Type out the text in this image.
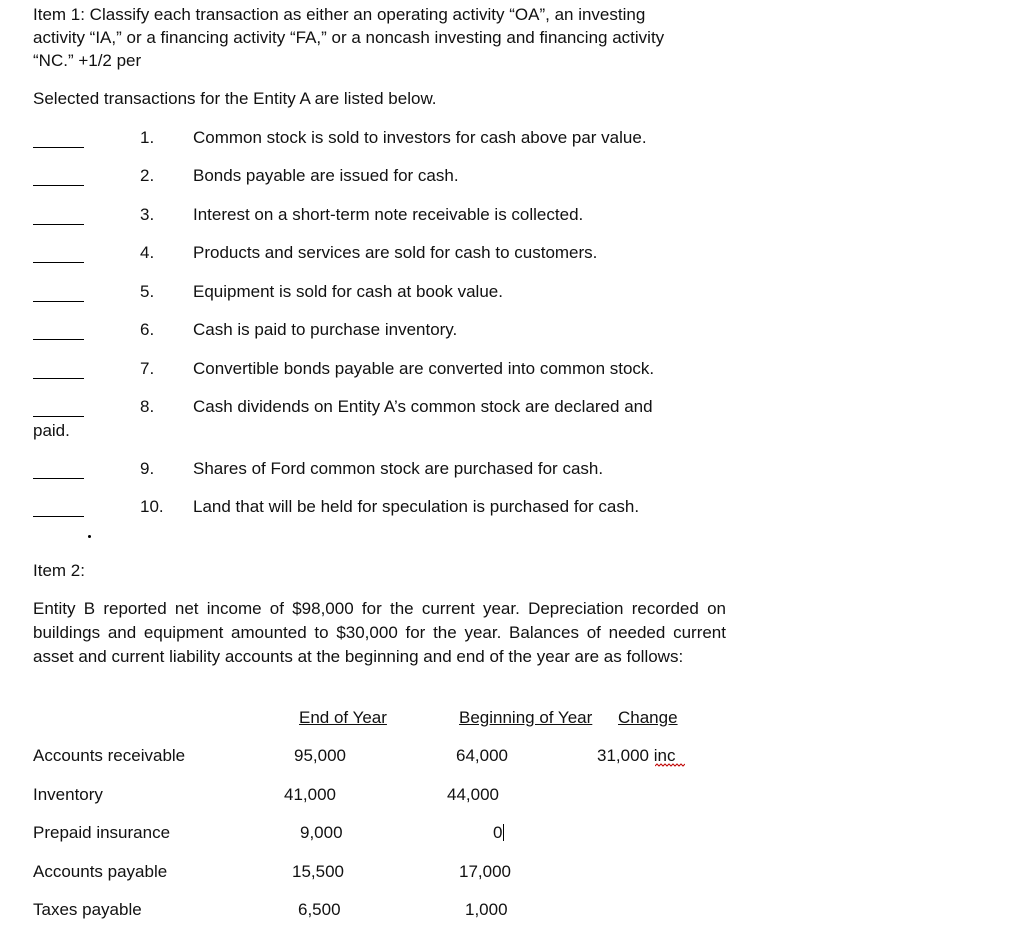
Item 1: Classify each transaction as either an operating activity “OA”, an investing
activity “IA,” or a financing activity “FA,” or a noncash investing and financing activity
“NC.” +1/2 per
Selected transactions for the Entity A are listed below.
1. Common stock is sold to investors for cash above par value.
2. Bonds payable are issued for cash.
3. Interest on a short-term note receivable is collected.
4. Products and services are sold for cash to customers.
5. Equipment is sold for cash at book value.
6. Cash is paid to purchase inventory.
7. Convertible bonds payable are converted into common stock.
8. Cash dividends on Entity A’s common stock are declared and
paid.
9. Shares of Ford common stock are purchased for cash.
10. Land that will be held for speculation is purchased for cash.
Item 2:
Entity B reported net income of $98,000 for the current year. Depreciation recorded on buildings and equipment amounted to $30,000 for the year. Balances of needed current asset and current liability accounts at the beginning and end of the year are as follows:
End of Year	Beginning of Year Change
Accounts receivable	95,000	64,000	31,000 inc
Inventory	41,000	44,000
Prepaid insurance	9,000	0
Accounts payable	15,500	17,000
Taxes payable	6,500	1,000
